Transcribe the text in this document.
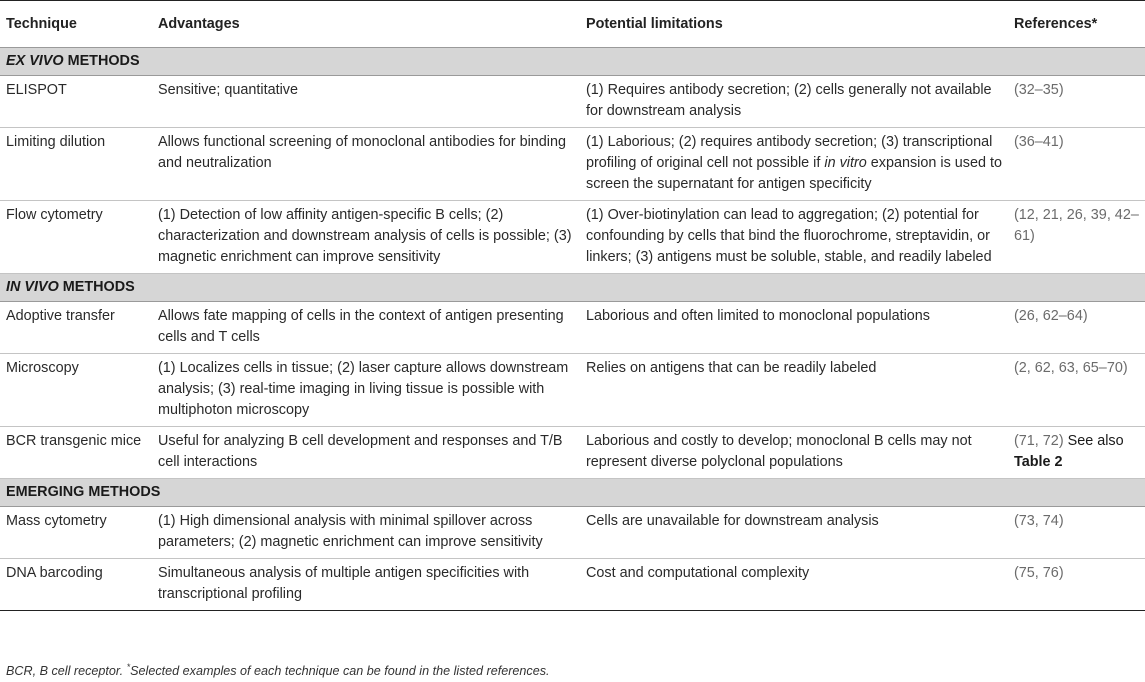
Technique	Advantages	Potential limitations	References*
EX VIVO METHODS			
ELISPOT	Sensitive; quantitative	(1) Requires antibody secretion; (2) cells generally not available for downstream analysis	(32–35)
Limiting dilution	Allows functional screening of monoclonal antibodies for binding and neutralization	(1) Laborious; (2) requires antibody secretion; (3) transcriptional profiling of original cell not possible if in vitro expansion is used to screen the supernatant for antigen specificity	(36–41)
Flow cytometry	(1) Detection of low affinity antigen-specific B cells; (2) characterization and downstream analysis of cells is possible; (3) magnetic enrichment can improve sensitivity	(1) Over-biotinylation can lead to aggregation; (2) potential for confounding by cells that bind the fluorochrome, streptavidin, or linkers; (3) antigens must be soluble, stable, and readily labeled	(12, 21, 26, 39, 42–61)
IN VIVO METHODS			
Adoptive transfer	Allows fate mapping of cells in the context of antigen presenting cells and T cells	Laborious and often limited to monoclonal populations	(26, 62–64)
Microscopy	(1) Localizes cells in tissue; (2) laser capture allows downstream analysis; (3) real-time imaging in living tissue is possible with multiphoton microscopy	Relies on antigens that can be readily labeled	(2, 62, 63, 65–70)
BCR transgenic mice	Useful for analyzing B cell development and responses and T/B cell interactions	Laborious and costly to develop; monoclonal B cells may not represent diverse polyclonal populations	(71, 72) See also Table 2
EMERGING METHODS			
Mass cytometry	(1) High dimensional analysis with minimal spillover across parameters; (2) magnetic enrichment can improve sensitivity	Cells are unavailable for downstream analysis	(73, 74)
DNA barcoding	Simultaneous analysis of multiple antigen specificities with transcriptional profiling	Cost and computational complexity	(75, 76)
BCR, B cell receptor. *Selected examples of each technique can be found in the listed references.
